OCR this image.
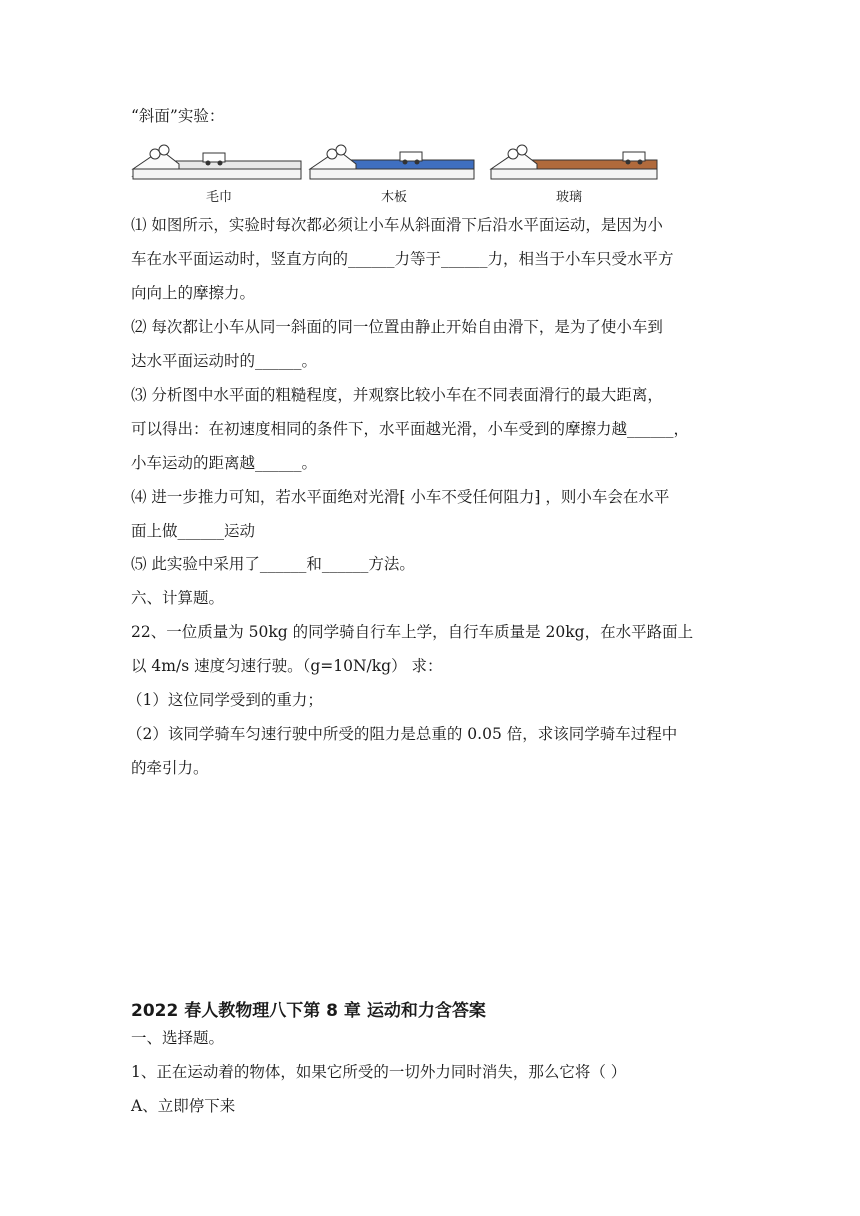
“斜面”实验：
毛巾	木板	玻璃
⑴ 如图所示，实验时每次都必须让小车从斜面滑下后沿水平面运动，是因为小
车在水平面运动时，竖直方向的______力等于______力，相当于小车只受水平方
向向上的摩擦力。
⑵ 每次都让小车从同一斜面的同一位置由静止开始自由滑下，是为了使小车到
达水平面运动时的______。
⑶ 分析图中水平面的粗糙程度，并观察比较小车在不同表面滑行的最大距离，
可以得出：在初速度相同的条件下，水平面越光滑，小车受到的摩擦力越______，
小车运动的距离越______。
⑷ 进一步推力可知，若水平面绝对光滑⁅ 小车不受任何阻力⁆ ，则小车会在水平
面上做______运动
⑸ 此实验中采用了______和______方法。
六、计算题。
22、一位质量为 50kg 的同学骑自行车上学，自行车质量是 20kg，在水平路面上
以 4m/s 速度匀速行驶。（g=10N/kg） 求：
（1）这位同学受到的重力；
（2）该同学骑车匀速行驶中所受的阻力是总重的 0.05 倍，求该同学骑车过程中
的牵引力。
2022 春人教物理八下第 8 章 运动和力含答案
一、选择题。
1、正在运动着的物体，如果它所受的一切外力同时消失，那么它将（ ）
A、立即停下来
